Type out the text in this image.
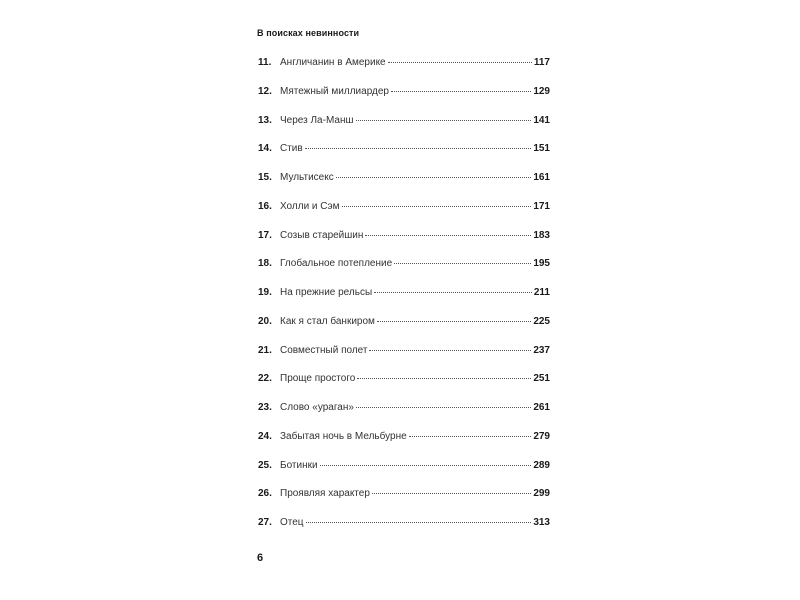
В поисках невинности
11. Англичанин в Америке	117
12. Мятежный миллиардер	129
13. Через Ла-Манш	141
14. Стив	151
15. Мультисекс	161
16. Холли и Сэм	171
17. Созыв старейшин	183
18. Глобальное потепление	195
19. На прежние рельсы	211
20. Как я стал банкиром	225
21. Совместный полет	237
22. Проще простого	251
23. Слово «ураган»	261
24. Забытая ночь в Мельбурне	279
25. Ботинки	289
26. Проявляя характер	299
27. Отец	313
6
